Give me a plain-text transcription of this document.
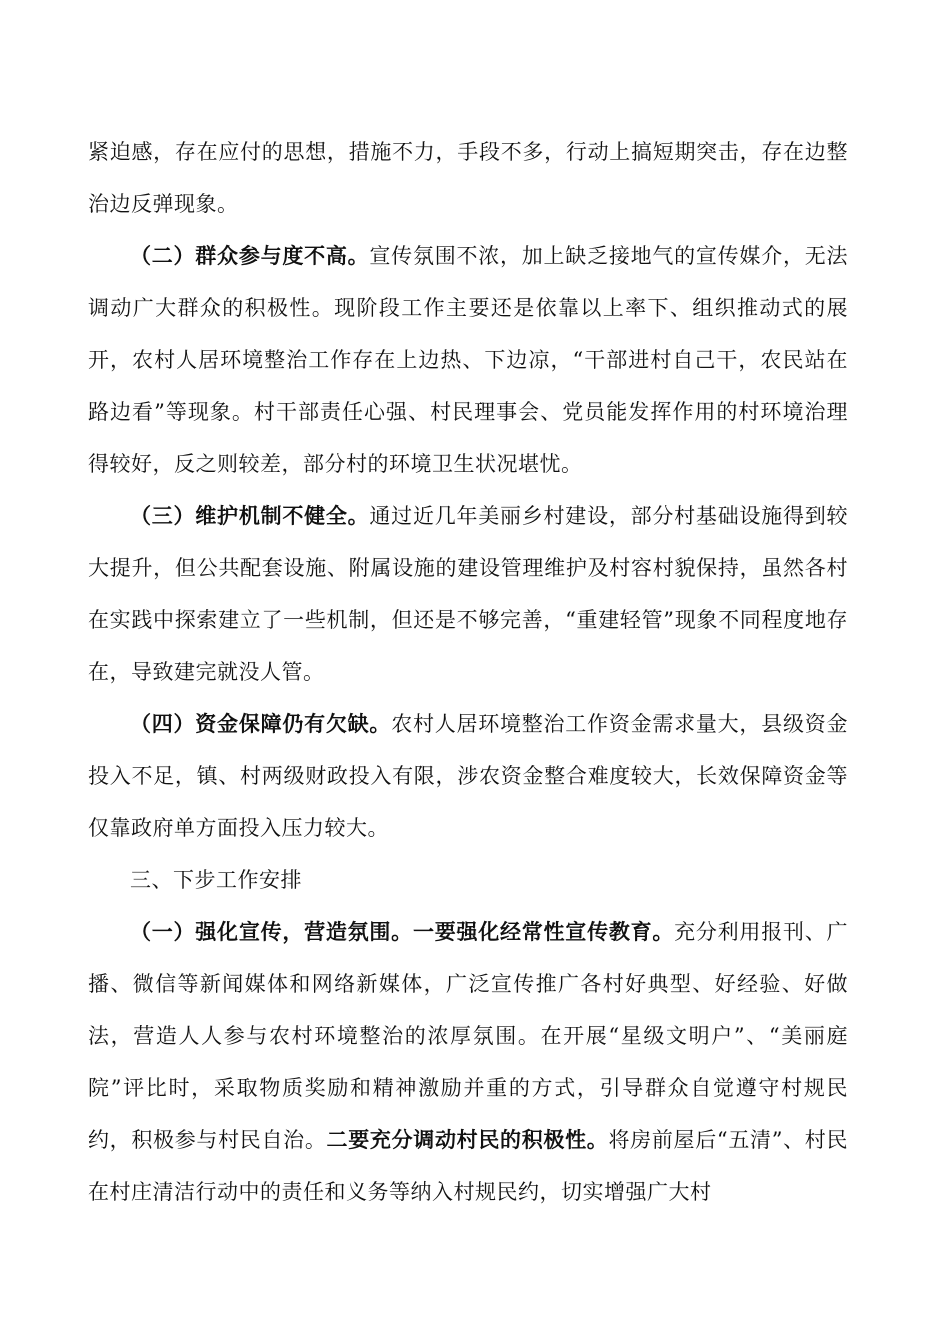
紧迫感，存在应付的思想，措施不力，手段不多，行动上搞短期突击，存在边整治边反弹现象。

（二）群众参与度不高。宣传氛围不浓，加上缺乏接地气的宣传媒介，无法调动广大群众的积极性。现阶段工作主要还是依靠以上率下、组织推动式的展开，农村人居环境整治工作存在上边热、下边凉，“干部进村自己干，农民站在路边看”等现象。村干部责任心强、村民理事会、党员能发挥作用的村环境治理得较好，反之则较差，部分村的环境卫生状况堪忧。

（三）维护机制不健全。通过近几年美丽乡村建设，部分村基础设施得到较大提升，但公共配套设施、附属设施的建设管理维护及村容村貌保持，虽然各村在实践中探索建立了一些机制，但还是不够完善，“重建轻管”现象不同程度地存在，导致建完就没人管。

（四）资金保障仍有欠缺。农村人居环境整治工作资金需求量大，县级资金投入不足，镇、村两级财政投入有限，涉农资金整合难度较大，长效保障资金等仅靠政府单方面投入压力较大。

三、下步工作安排

（一）强化宣传，营造氛围。一要强化经常性宣传教育。充分利用报刊、广播、微信等新闻媒体和网络新媒体，广泛宣传推广各村好典型、好经验、好做法，营造人人参与农村环境整治的浓厚氛围。在开展“星级文明户”、“美丽庭院”评比时，采取物质奖励和精神激励并重的方式，引导群众自觉遵守村规民约，积极参与村民自治。二要充分调动村民的积极性。将房前屋后“五清”、村民在村庄清洁行动中的责任和义务等纳入村规民约，切实增强广大村
